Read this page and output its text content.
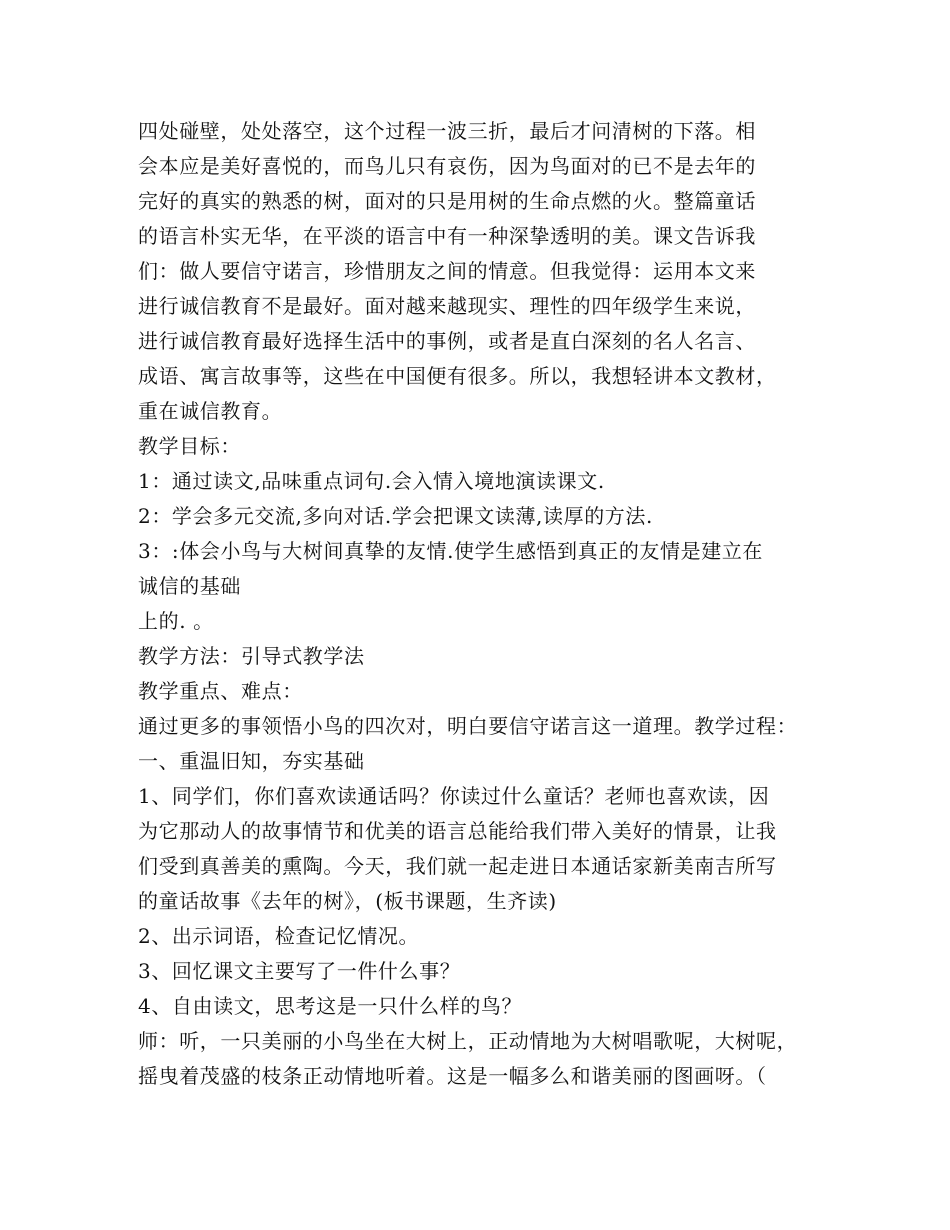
四处碰壁，处处落空，这个过程一波三折，最后才问清树的下落。相
会本应是美好喜悦的，而鸟儿只有哀伤，因为鸟面对的已不是去年的
完好的真实的熟悉的树，面对的只是用树的生命点燃的火。整篇童话
的语言朴实无华，在平淡的语言中有一种深挚透明的美。课文告诉我
们：做人要信守诺言，珍惜朋友之间的情意。但我觉得：运用本文来
进行诚信教育不是最好。面对越来越现实、理性的四年级学生来说，
进行诚信教育最好选择生活中的事例，或者是直白深刻的名人名言、
成语、寓言故事等，这些在中国便有很多。所以，我想轻讲本文教材，
重在诚信教育。
教学目标：
1：通过读文,品味重点词句.会入情入境地演读课文.
2：学会多元交流,多向对话.学会把课文读薄,读厚的方法.
3：:体会小鸟与大树间真挚的友情.使学生感悟到真正的友情是建立在
诚信的基础
上的. 。
教学方法：引导式教学法
教学重点、难点：
通过更多的事领悟小鸟的四次对，明白要信守诺言这一道理。教学过程：
一、重温旧知，夯实基础
1、同学们，你们喜欢读通话吗？你读过什么童话？老师也喜欢读，因
为它那动人的故事情节和优美的语言总能给我们带入美好的情景，让我
们受到真善美的熏陶。今天，我们就一起走进日本通话家新美南吉所写
的童话故事《去年的树》，(板书课题，生齐读)
2、出示词语，检查记忆情况。
3、回忆课文主要写了一件什么事？
4、自由读文，思考这是一只什么样的鸟？
师：听，一只美丽的小鸟坐在大树上，正动情地为大树唱歌呢，大树呢，
摇曳着茂盛的枝条正动情地听着。这是一幅多么和谐美丽的图画呀。（
